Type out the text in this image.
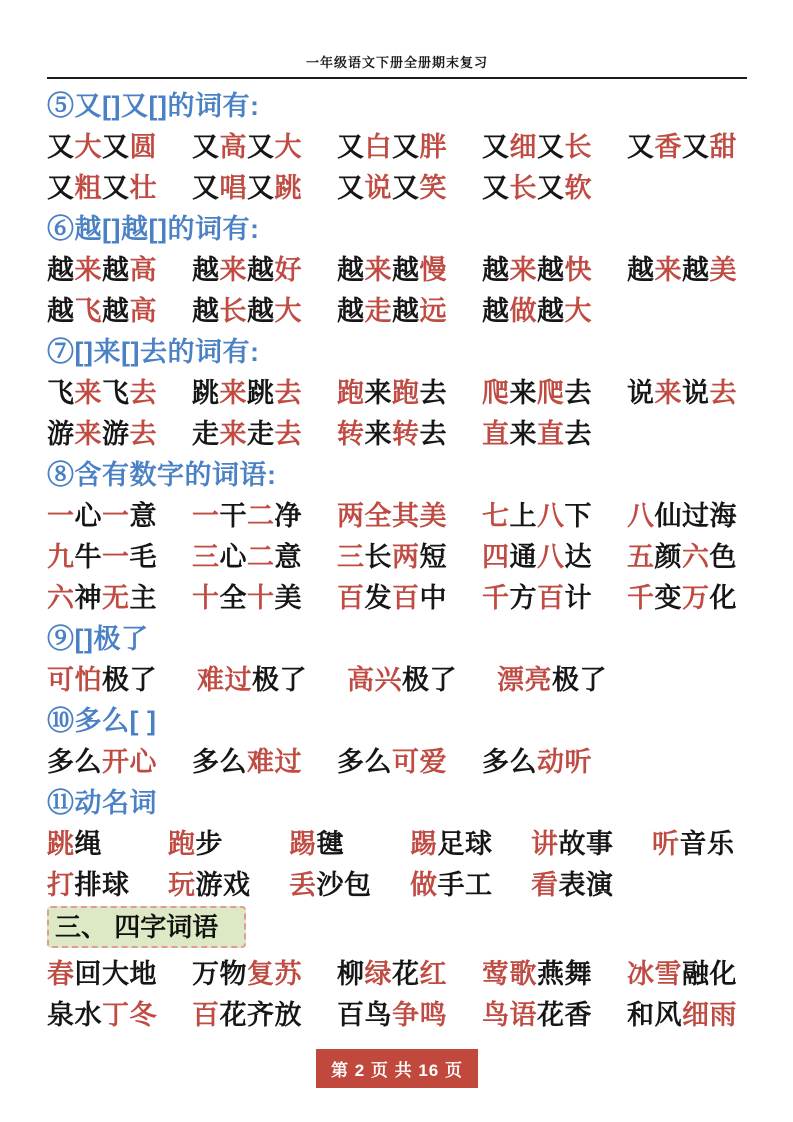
一年级语文下册全册期末复习
⑤又[]又[]的词有:
又大又圆	又高又大	又白又胖	又细又长	又香又甜
又粗又壮	又唱又跳	又说又笑	又长又软
⑥越[]越[]的词有:
越来越高	越来越好	越来越慢	越来越快	越来越美
越飞越高	越长越大	越走越远	越做越大
⑦[]来[]去的词有:
飞来飞去	跳来跳去	跑来跑去	爬来爬去	说来说去
游来游去	走来走去	转来转去	直来直去
⑧含有数字的词语:
一心一意	一干二净	两全其美	七上八下	八仙过海
九牛一毛	三心二意	三长两短	四通八达	五颜六色
六神无主	十全十美	百发百中	千方百计	千变万化
⑨[]极了
可怕极了	难过极了	高兴极了	漂亮极了
⑩多么[ ]
多么开心	多么难过	多么可爱	多么动听
⑪动名词
跳绳	跑步	踢毽	踢足球	讲故事	听音乐
打排球	玩游戏	丢沙包	做手工	看表演
三、 四字词语
春回大地	万物复苏	柳绿花红	莺歌燕舞	冰雪融化
泉水丁冬	百花齐放	百鸟争鸣	鸟语花香	和风细雨
第 2 页 共 16 页
